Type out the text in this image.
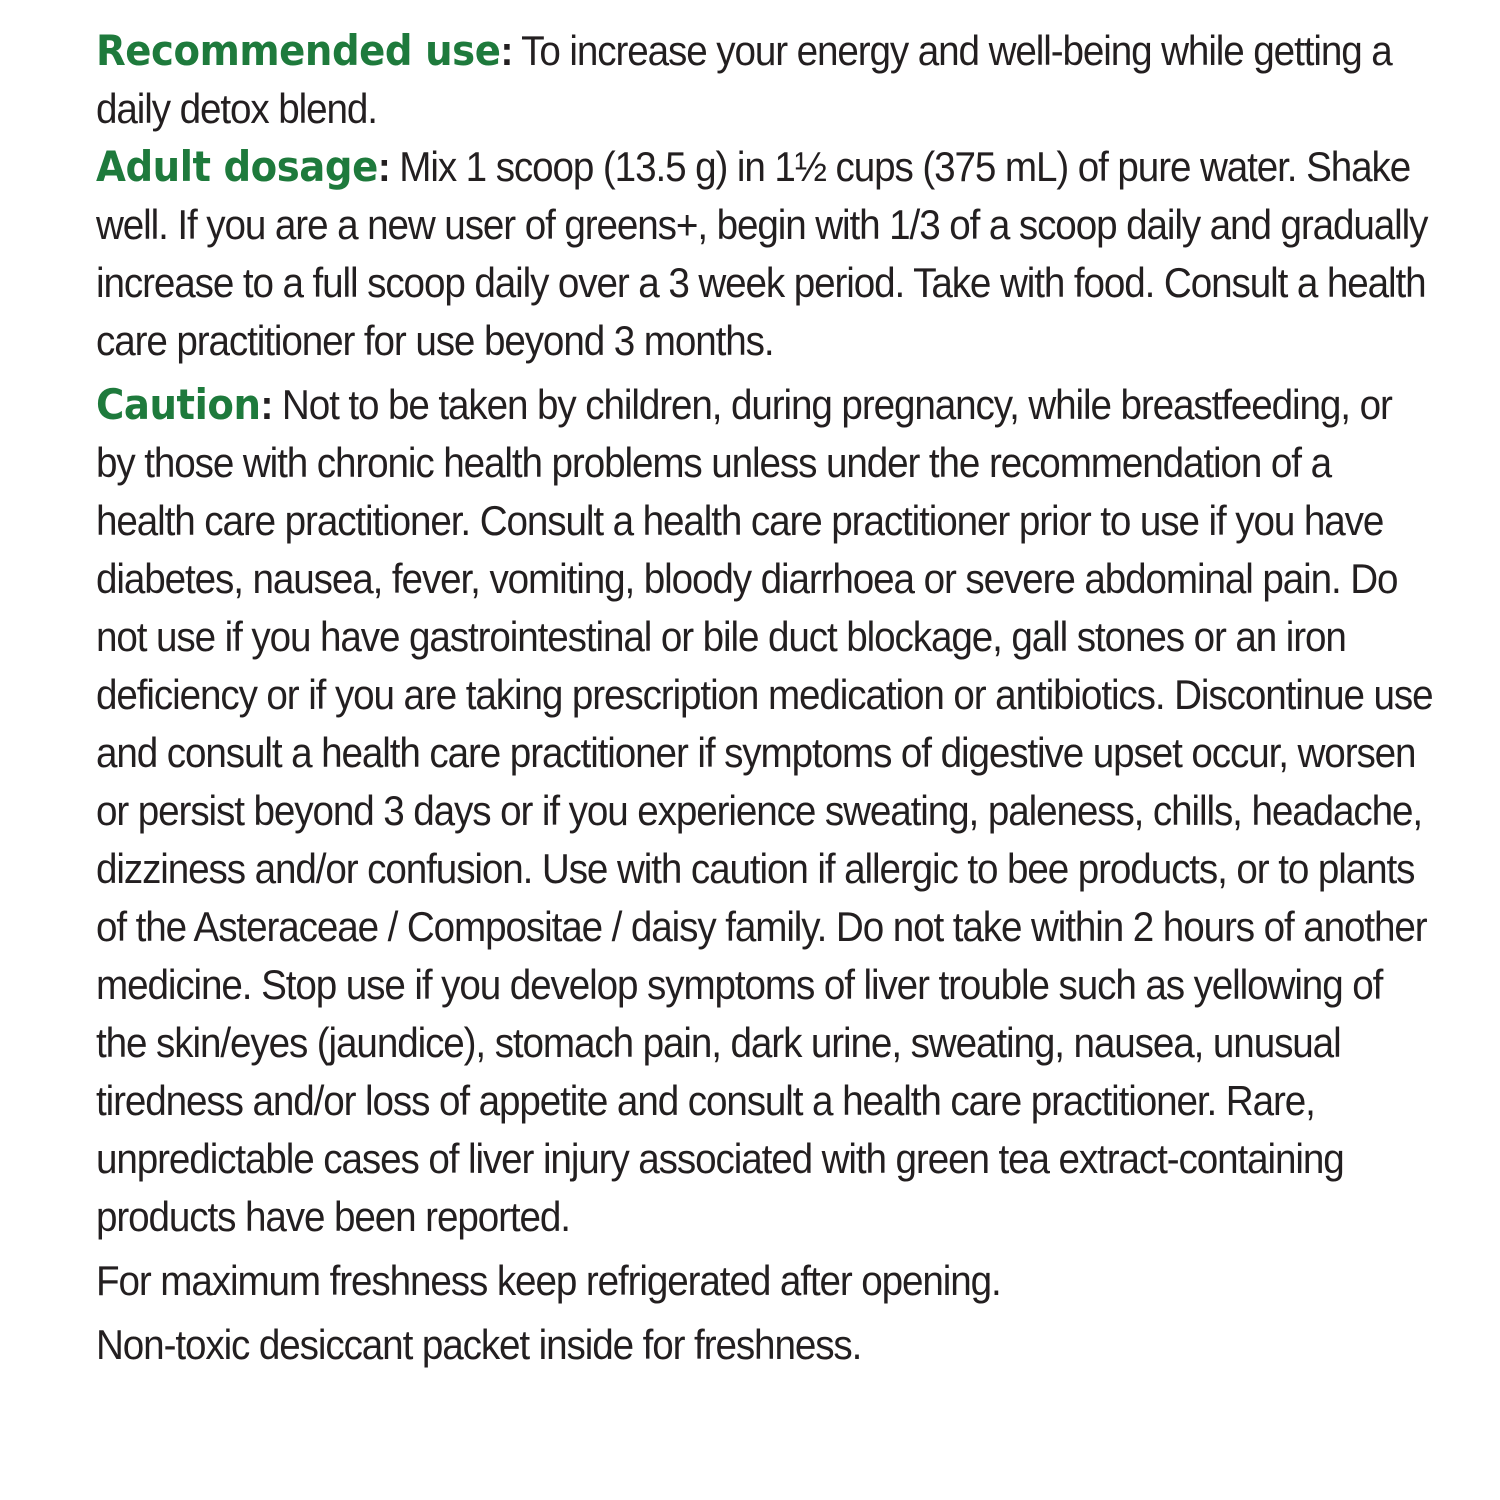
Recommended use: To increase your energy and well-being while getting a daily detox blend.

Adult dosage: Mix 1 scoop (13.5 g) in 1½ cups (375 mL) of pure water. Shake well. If you are a new user of greens+, begin with 1/3 of a scoop daily and gradually increase to a full scoop daily over a 3 week period. Take with food. Consult a health care practitioner for use beyond 3 months.

Caution: Not to be taken by children, during pregnancy, while breastfeeding, or by those with chronic health problems unless under the recommendation of a health care practitioner. Consult a health care practitioner prior to use if you have diabetes, nausea, fever, vomiting, bloody diarrhoea or severe abdominal pain. Do not use if you have gastrointestinal or bile duct blockage, gall stones or an iron deficiency or if you are taking prescription medication or antibiotics. Discontinue use and consult a health care practitioner if symptoms of digestive upset occur, worsen or persist beyond 3 days or if you experience sweating, paleness, chills, headache, dizziness and/or confusion. Use with caution if allergic to bee products, or to plants of the Asteraceae / Compositae / daisy family. Do not take within 2 hours of another medicine. Stop use if you develop symptoms of liver trouble such as yellowing of the skin/eyes (jaundice), stomach pain, dark urine, sweating, nausea, unusual tiredness and/or loss of appetite and consult a health care practitioner. Rare, unpredictable cases of liver injury associated with green tea extract-containing products have been reported.

For maximum freshness keep refrigerated after opening.

Non-toxic desiccant packet inside for freshness.
